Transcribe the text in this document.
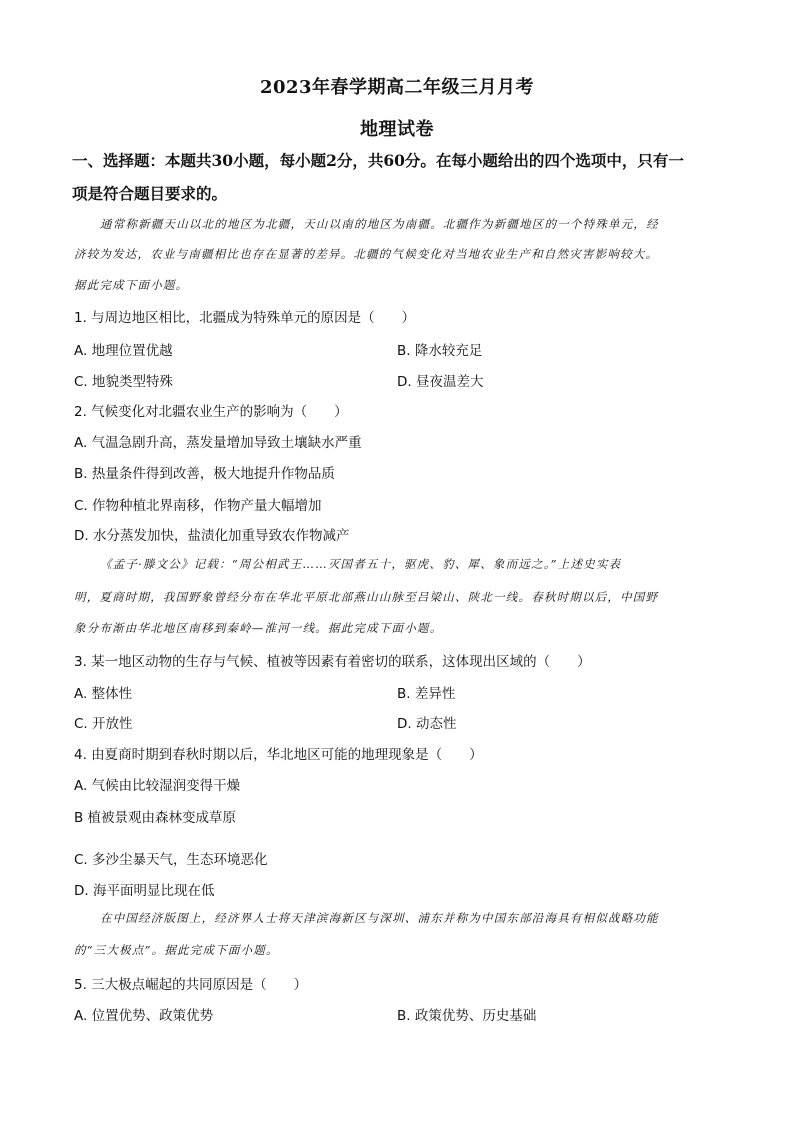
2023年春学期高二年级三月月考
地理试卷
一、选择题：本题共30小题，每小题2分，共60分。在每小题给出的四个选项中，只有一
项是符合题目要求的。
通常称新疆天山以北的地区为北疆，天山以南的地区为南疆。北疆作为新疆地区的一个特殊单元，经
济较为发达，农业与南疆相比也存在显著的差异。北疆的气候变化对当地农业生产和自然灾害影响较大。
据此完成下面小题。
1. 与周边地区相比，北疆成为特殊单元的原因是（　　）
A. 地理位置优越	B. 降水较充足
C. 地貌类型特殊	D. 昼夜温差大
2. 气候变化对北疆农业生产的影响为（　　）
A. 气温急剧升高，蒸发量增加导致土壤缺水严重
B. 热量条件得到改善，极大地提升作物品质
C. 作物种植北界南移，作物产量大幅增加
D. 水分蒸发加快，盐渍化加重导致农作物减产
《孟子·滕文公》记载：“周公相武王……灭国者五十，驱虎、豹、犀、象而远之。”上述史实表
明，夏商时期，我国野象曾经分布在华北平原北部燕山山脉至吕梁山、陕北一线。春秋时期以后，中国野
象分布渐由华北地区南移到秦岭—淮河一线。据此完成下面小题。
3. 某一地区动物的生存与气候、植被等因素有着密切的联系，这体现出区域的（　　）
A. 整体性	B. 差异性
C. 开放性	D. 动态性
4. 由夏商时期到春秋时期以后，华北地区可能的地理现象是（　　）
A. 气候由比较湿润变得干燥
B 植被景观由森林变成草原
C. 多沙尘暴天气，生态环境恶化
D. 海平面明显比现在低
在中国经济版图上，经济界人士将天津滨海新区与深圳、浦东并称为中国东部沿海具有相似战略功能
的“三大极点”。据此完成下面小题。
5. 三大极点崛起的共同原因是（　　）
A. 位置优势、政策优势	B. 政策优势、历史基础
